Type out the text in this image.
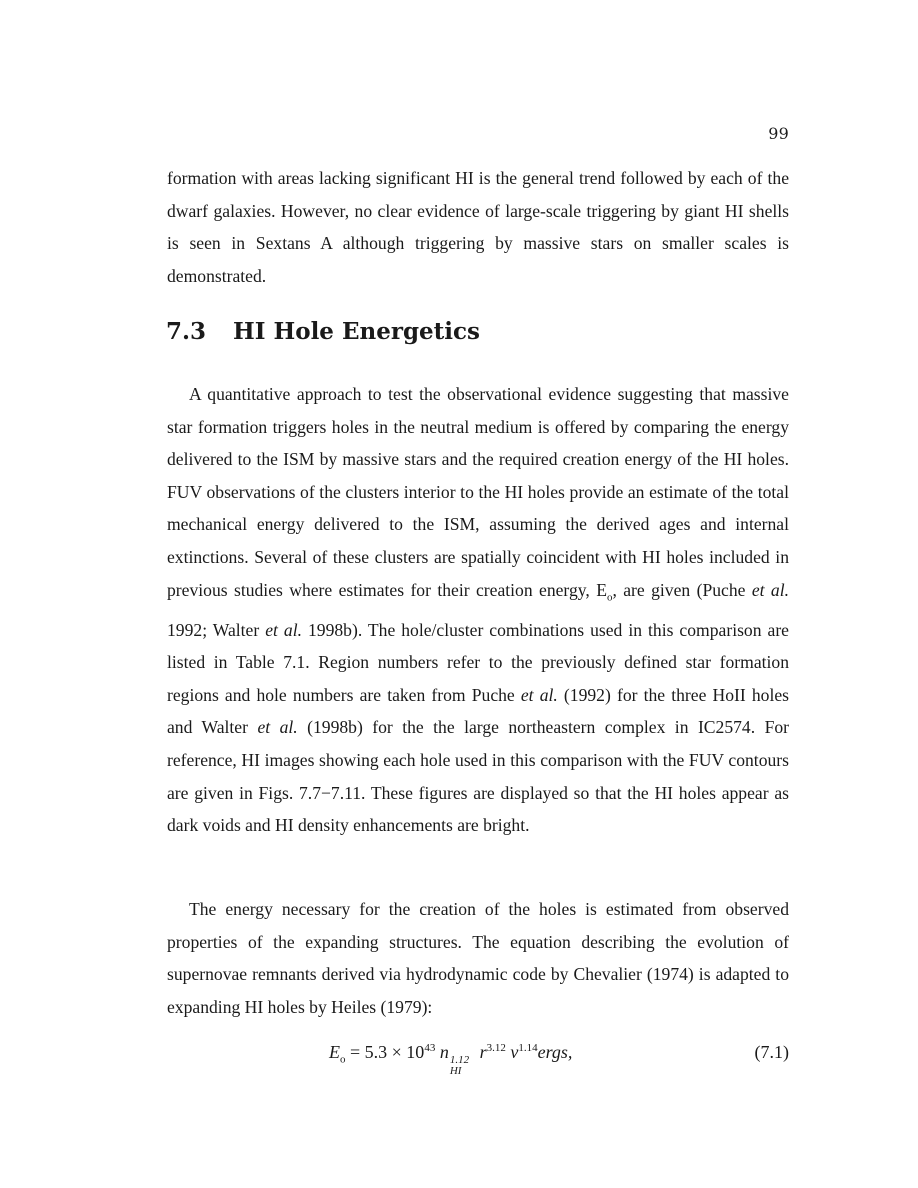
99

formation with areas lacking significant HI is the general trend followed by each of the dwarf galaxies. However, no clear evidence of large-scale triggering by giant HI shells is seen in Sextans A although triggering by massive stars on smaller scales is demonstrated.

7.3 HI Hole Energetics

A quantitative approach to test the observational evidence suggesting that massive star formation triggers holes in the neutral medium is offered by comparing the energy delivered to the ISM by massive stars and the required creation energy of the HI holes. FUV observations of the clusters interior to the HI holes provide an estimate of the total mechanical energy delivered to the ISM, assuming the derived ages and internal extinctions. Several of these clusters are spatially coincident with HI holes included in previous studies where estimates for their creation energy, $E_o$, are given (Puche et al. 1992; Walter et al. 1998b). The hole/cluster combinations used in this comparison are listed in Table 7.1. Region numbers refer to the previously defined star formation regions and hole numbers are taken from Puche et al. (1992) for the three HoII holes and Walter et al. (1998b) for the the large northeastern complex in IC2574. For reference, HI images showing each hole used in this comparison with the FUV contours are given in Figs. 7.7−7.11. These figures are displayed so that the HI holes appear as dark voids and HI density enhancements are bright.

The energy necessary for the creation of the holes is estimated from observed properties of the expanding structures. The equation describing the evolution of supernovae remnants derived via hydrodynamic code by Chevalier (1974) is adapted to expanding HI holes by Heiles (1979):

$E_o = 5.3 \times 10^{43}$ n 1.12
HI
$r^{3.12}$ $v^{1.14}ergs$,	(7.1)
